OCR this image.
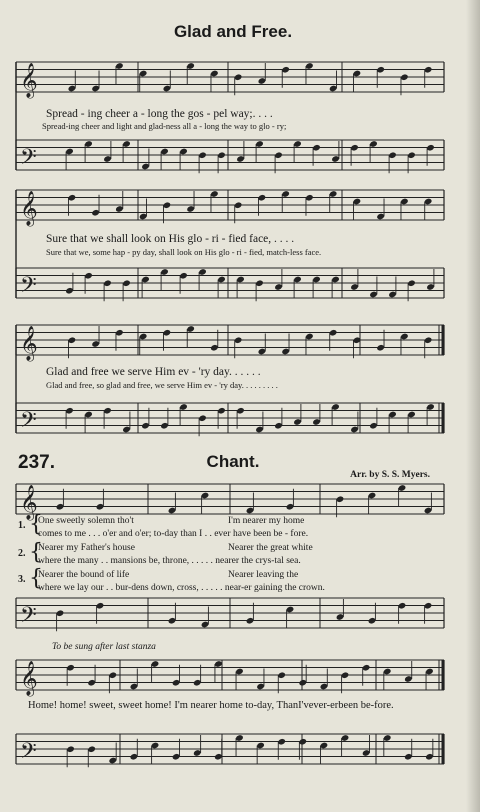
𝄞
𝄢
𝄞
𝄢
𝄞
𝄢
𝄞
𝄢
𝄞
𝄢
Glad and Free.
Spread - ing cheer a - long the gos - pel way;. . . .
Spread-ing cheer and light and glad-ness all a - long the way to glo - ry;
Sure that we shall look on His glo - ri - fied face, . . . .
Sure that we, some hap - py day, shall look on His glo - ri - fied, match-less face.
Glad and free we serve Him ev - 'ry day. . . . . .
Glad and free, so glad and free, we serve Him ev - 'ry day. . . . . . . . .
237.	Chant.
Arr. by S. S. Myers.
1. {
One sweetly solemn tho't	I'm nearer my home
comes to me . . . o'er and o'er; to-day than I . . ever have been be - fore.
2. {
Nearer my Father's house	Nearer the great white
where the many . . mansions be, throne, . . . . . nearer the crys-tal sea.
3. {
Nearer the bound of life	Nearer leaving the
where we lay our . . bur-dens down, cross, . . . . . near-er gaining the crown.
To be sung after last stanza
Home! home! sweet, sweet home! I'm nearer home to-day, ThanI'vever-erbeen be-fore.
